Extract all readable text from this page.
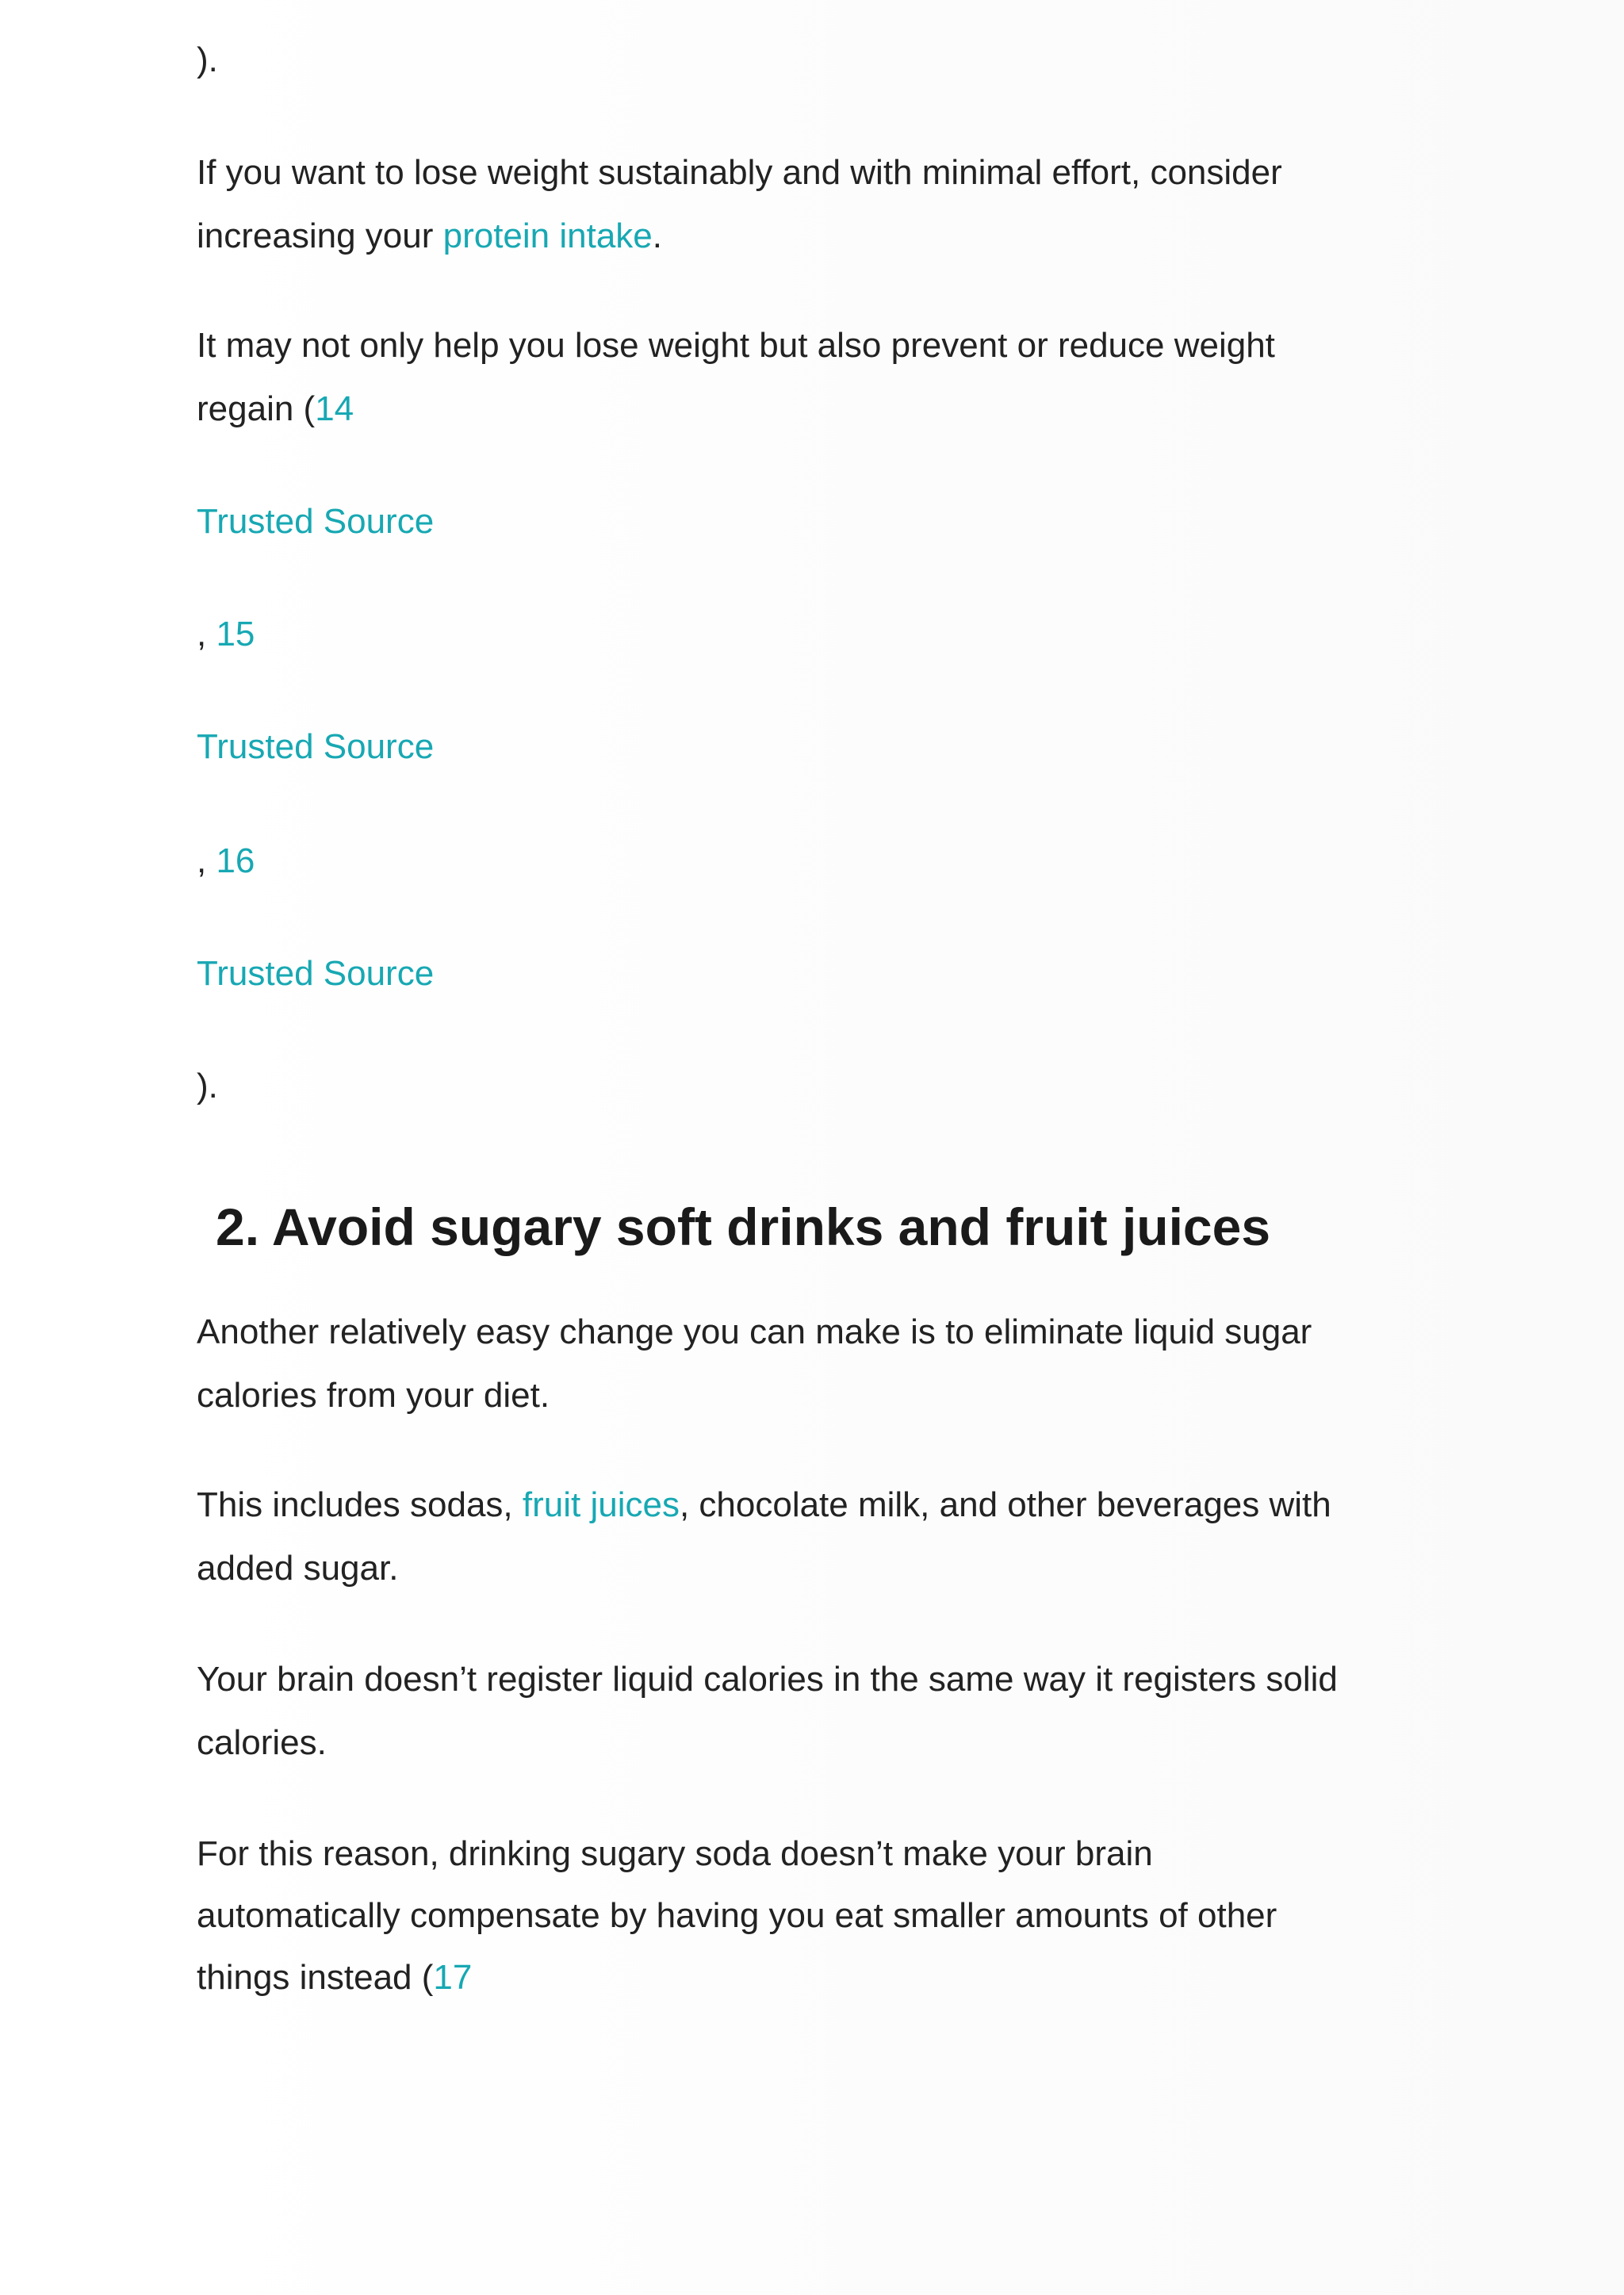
).
If you want to lose weight sustainably and with minimal effort, consider
increasing your protein intake.
It may not only help you lose weight but also prevent or reduce weight
regain (14
Trusted Source
, 15
Trusted Source
, 16
Trusted Source
).
2. Avoid sugary soft drinks and fruit juices
Another relatively easy change you can make is to eliminate liquid sugar
calories from your diet.
This includes sodas, fruit juices, chocolate milk, and other beverages with
added sugar.
Your brain doesn’t register liquid calories in the same way it registers solid
calories.
For this reason, drinking sugary soda doesn’t make your brain
automatically compensate by having you eat smaller amounts of other
things instead (17
